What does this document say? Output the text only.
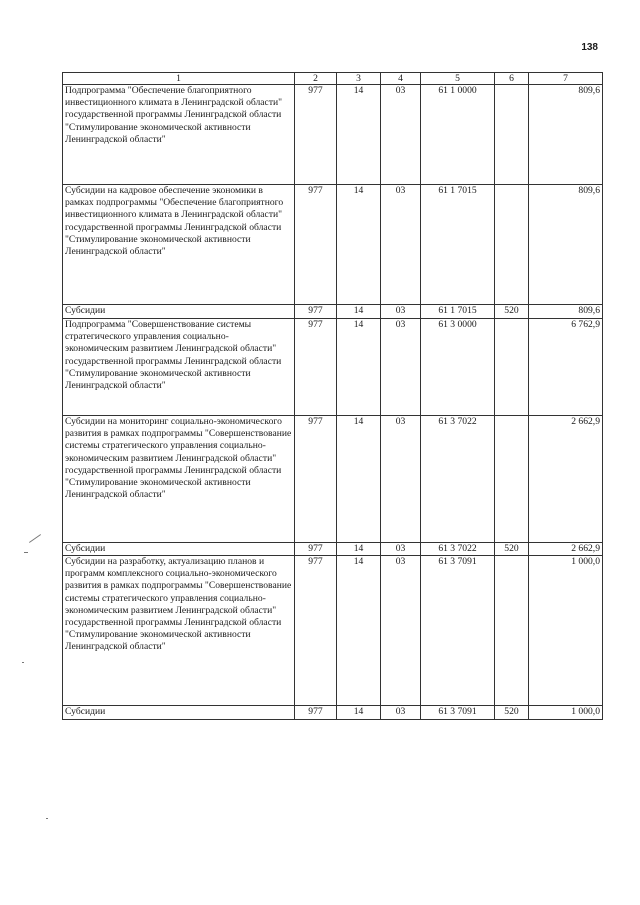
138
1	2	3	4	5	6	7
Подпрограмма "Обеспечение благоприятного инвестиционного климата в Ленинградской области" государственной программы Ленинградской области "Стимулирование экономической активности Ленинградской области"	977	14	03	61 1 0000		809,6
Субсидии на кадровое обеспечение экономики в рамках подпрограммы "Обеспечение благоприятного инвестиционного климата в Ленинградской области" государственной программы Ленинградской области "Стимулирование экономической активности Ленинградской области"	977	14	03	61 1 7015		809,6
Субсидии	977	14	03	61 1 7015	520	809,6
Подпрограмма "Совершенствование системы стратегического управления социально-экономическим развитием Ленинградской области" государственной программы Ленинградской области "Стимулирование экономической активности Ленинградской области"	977	14	03	61 3 0000		6 762,9
Субсидии на мониторинг социально-экономического развития в рамках подпрограммы "Совершенствование системы стратегического управления социально-экономическим развитием Ленинградской области" государственной программы Ленинградской области "Стимулирование экономической активности Ленинградской области"	977	14	03	61 3 7022		2 662,9
Субсидии	977	14	03	61 3 7022	520	2 662,9
Субсидии на разработку, актуализацию планов и программ комплексного социально-экономического развития в рамках подпрограммы "Совершенствование системы стратегического управления социально-экономическим развитием Ленинградской области" государственной программы Ленинградской области "Стимулирование экономической активности Ленинградской области"	977	14	03	61 3 7091		1 000,0
Субсидии	977	14	03	61 3 7091	520	1 000,0
